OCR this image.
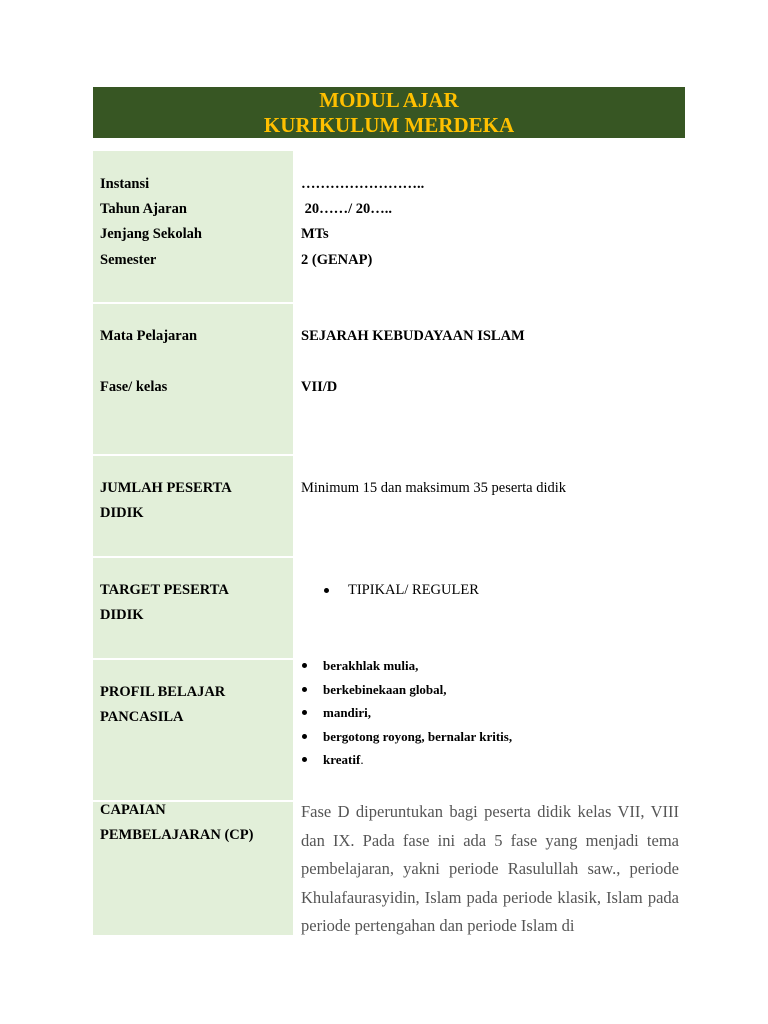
MODUL AJAR
KURIKULUM MERDEKA
Instansi
Tahun Ajaran
Jenjang Sekolah
Semester
……………………..
20……/ 20…..
MTs
2 (GENAP)
Mata Pelajaran
Fase/ kelas
SEJARAH KEBUDAYAAN ISLAM
VII/D
JUMLAH PESERTA
DIDIK
Minimum 15 dan maksimum 35 peserta didik
TARGET PESERTA
DIDIK
TIPIKAL/ REGULER
PROFIL BELAJAR
PANCASILA
berakhlak mulia,
berkebinekaan global,
mandiri,
bergotong royong, bernalar kritis,
kreatif.
CAPAIAN
PEMBELAJARAN (CP)
Fase D diperuntukan bagi peserta didik kelas VII, VIII dan IX. Pada fase ini ada 5 fase yang menjadi tema pembelajaran, yakni periode Rasulullah saw., periode Khulafaurasyidin, Islam pada periode klasik, Islam pada periode pertengahan dan periode Islam di
